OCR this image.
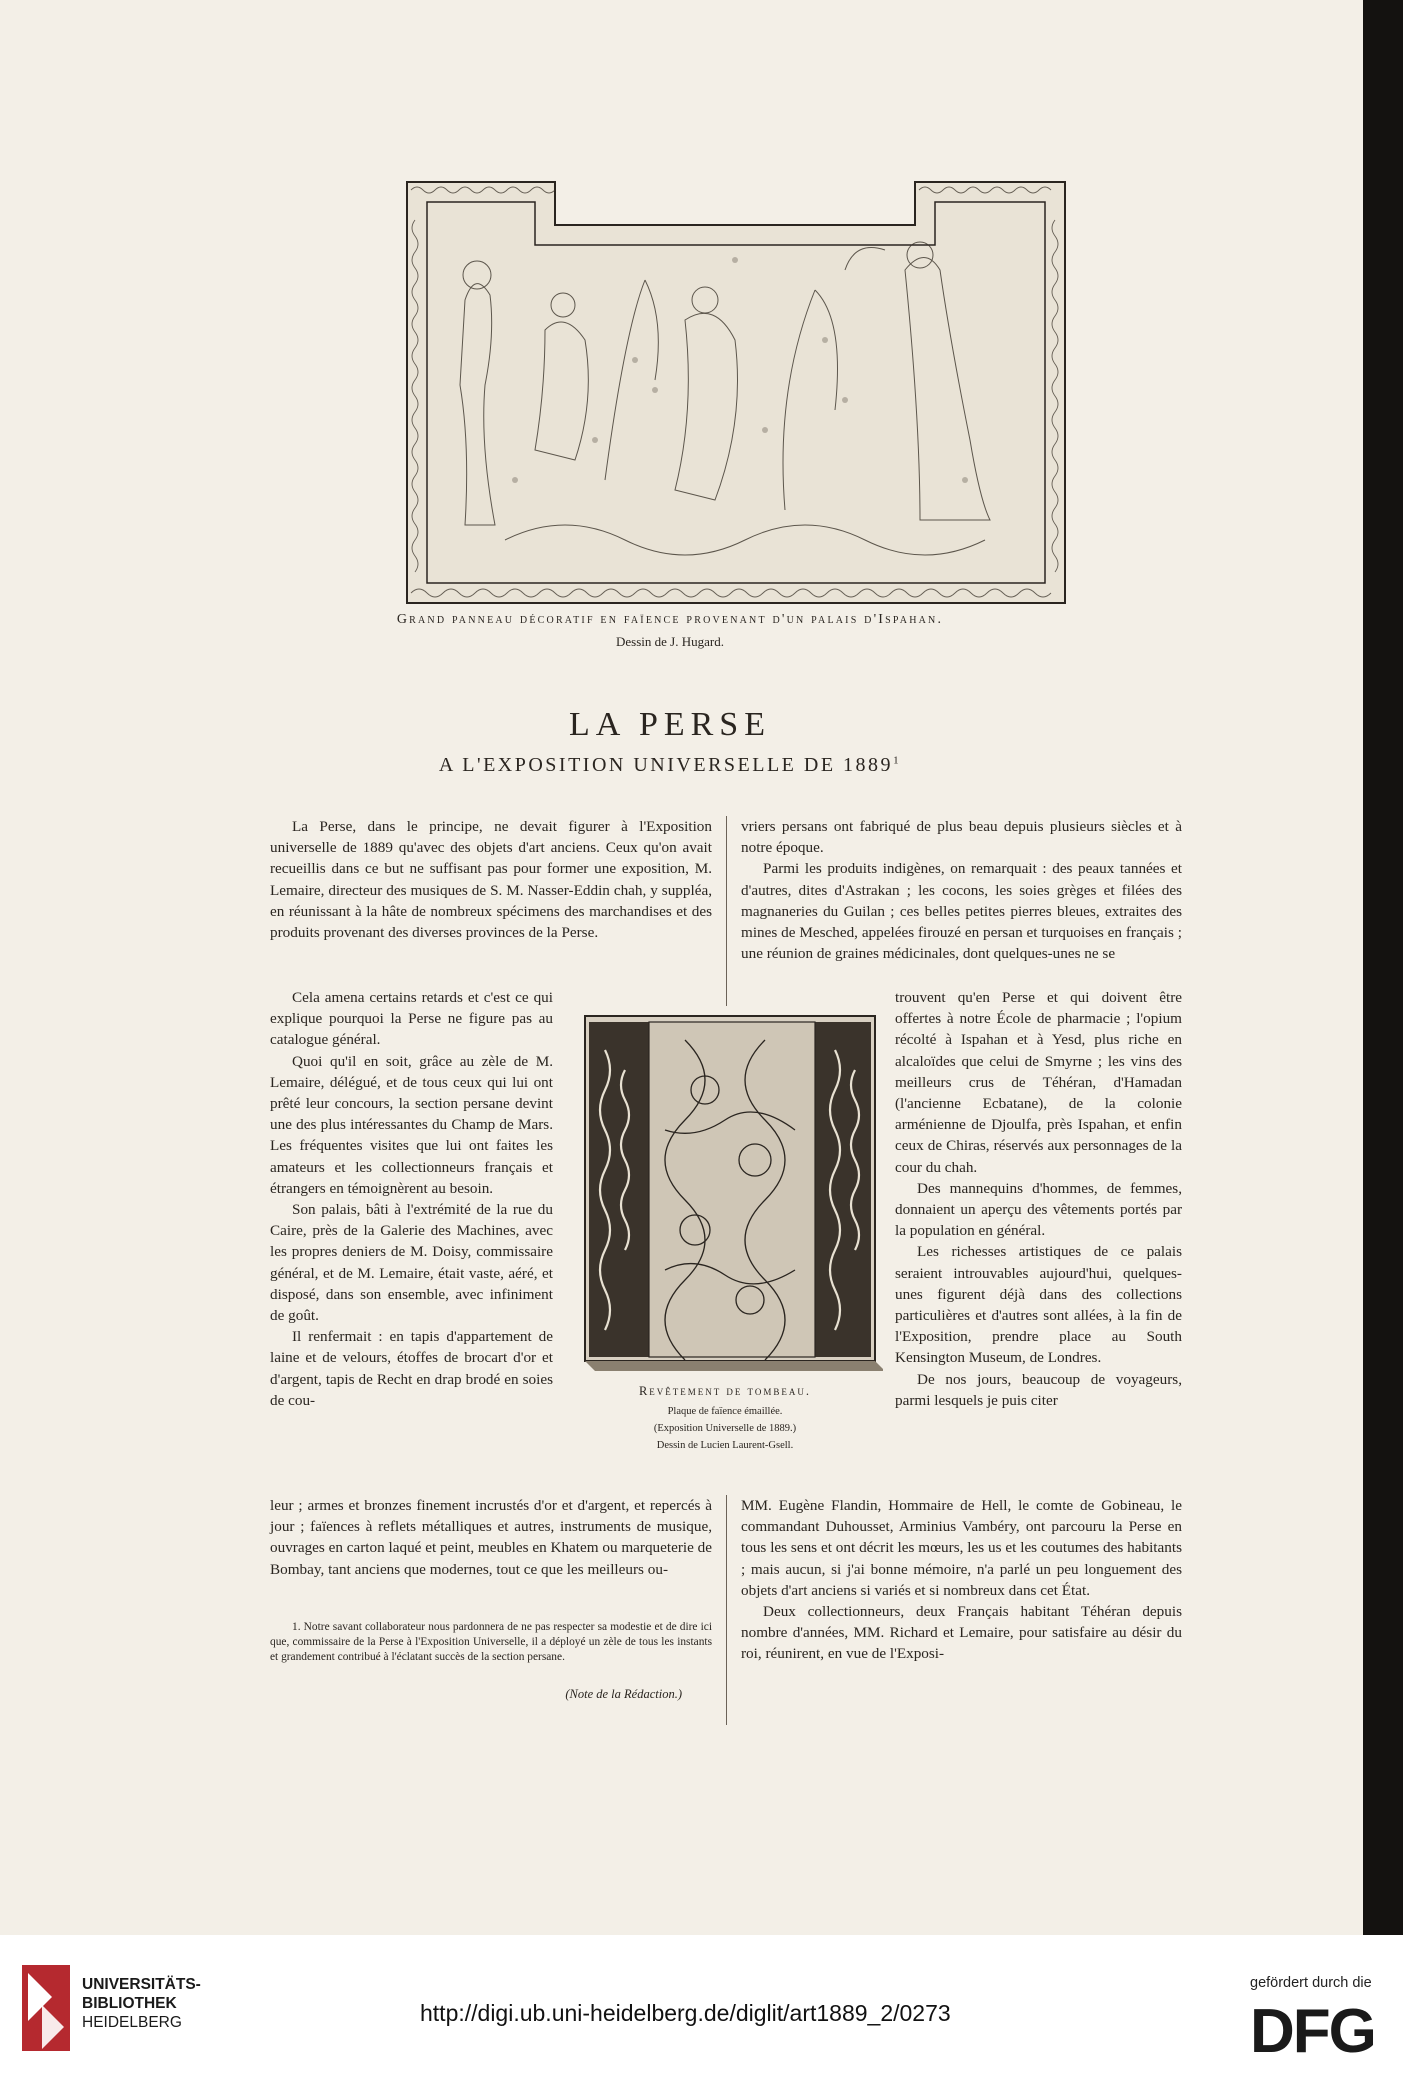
Grand panneau décoratif en faïence provenant d'un palais d'Ispahan.
Dessin de J. Hugard.
LA PERSE
A L'EXPOSITION UNIVERSELLE DE 1889$^1$

La Perse, dans le principe, ne devait figurer à l'Exposition universelle de 1889 qu'avec des objets d'art anciens. Ceux qu'on avait recueillis dans ce but ne suffisant pas pour former une exposition, M. Lemaire, directeur des musiques de S. M. Nasser-Eddin chah, y suppléa, en réunissant à la hâte de nombreux spécimens des marchandises et des produits provenant des diverses provinces de la Perse.

Cela amena certains retards et c'est ce qui explique pourquoi la Perse ne figure pas au catalogue général.

Quoi qu'il en soit, grâce au zèle de M. Lemaire, délégué, et de tous ceux qui lui ont prêté leur concours, la section persane devint une des plus intéressantes du Champ de Mars. Les fréquentes visites que lui ont faites les amateurs et les collectionneurs français et étrangers en témoignèrent au besoin.

Son palais, bâti à l'extrémité de la rue du Caire, près de la Galerie des Machines, avec les propres deniers de M. Doisy, commissaire général, et de M. Lemaire, était vaste, aéré, et disposé, dans son ensemble, avec infiniment de goût.

Il renfermait : en tapis d'appartement de laine et de velours, étoffes de brocart d'or et d'argent, tapis de Recht en drap brodé en soies de cou-

vriers persans ont fabriqué de plus beau depuis plusieurs siècles et à notre époque.

Parmi les produits indigènes, on remarquait : des peaux tannées et d'autres, dites d'Astrakan ; les cocons, les soies grèges et filées des magnaneries du Guilan ; ces belles petites pierres bleues, extraites des mines de Mesched, appelées firouzé en persan et turquoises en français ; une réunion de graines médicinales, dont quelques-unes ne se

trouvent qu'en Perse et qui doivent être offertes à notre École de pharmacie ; l'opium récolté à Ispahan et à Yesd, plus riche en alcaloïdes que celui de Smyrne ; les vins des meilleurs crus de Téhéran, d'Hamadan (l'ancienne Ecbatane), de la colonie arménienne de Djoulfa, près Ispahan, et enfin ceux de Chiras, réservés aux personnages de la cour du chah.

Des mannequins d'hommes, de femmes, donnaient un aperçu des vêtements portés par la population en général.

Les richesses artistiques de ce palais seraient introuvables aujourd'hui, quelques-unes figurent déjà dans des collections particulières et d'autres sont allées, à la fin de l'Exposition, prendre place au South Kensington Museum, de Londres.

De nos jours, beaucoup de voyageurs, parmi lesquels je puis citer

leur ; armes et bronzes finement incrustés d'or et d'argent, et repercés à jour ; faïences à reflets métalliques et autres, instruments de musique, ouvrages en carton laqué et peint, meubles en Khatem ou marqueterie de Bombay, tant anciens que modernes, tout ce que les meilleurs ou-

MM. Eugène Flandin, Hommaire de Hell, le comte de Gobineau, le commandant Duhousset, Arminius Vambéry, ont parcouru la Perse en tous les sens et ont décrit les mœurs, les us et les coutumes des habitants ; mais aucun, si j'ai bonne mémoire, n'a parlé un peu longuement des objets d'art anciens si variés et si nombreux dans cet État.

Deux collectionneurs, deux Français habitant Téhéran depuis nombre d'années, MM. Richard et Lemaire, pour satisfaire au désir du roi, réunirent, en vue de l'Exposi-

Revêtement de tombeau.
Plaque de faïence émaillée.
(Exposition Universelle de 1889.)
Dessin de Lucien Laurent-Gsell.

1. Notre savant collaborateur nous pardonnera de ne pas respecter sa modestie et de dire ici que, commissaire de la Perse à l'Exposition Universelle, il a déployé un zèle de tous les instants et grandement contribué à l'éclatant succès de la section persane.

(Note de la Rédaction.)
UNIVERSITÄTS-
BIBLIOTHEK
HEIDELBERG	http://digi.ub.uni-heidelberg.de/diglit/art1889_2/0273
gefördert durch die
DFG
